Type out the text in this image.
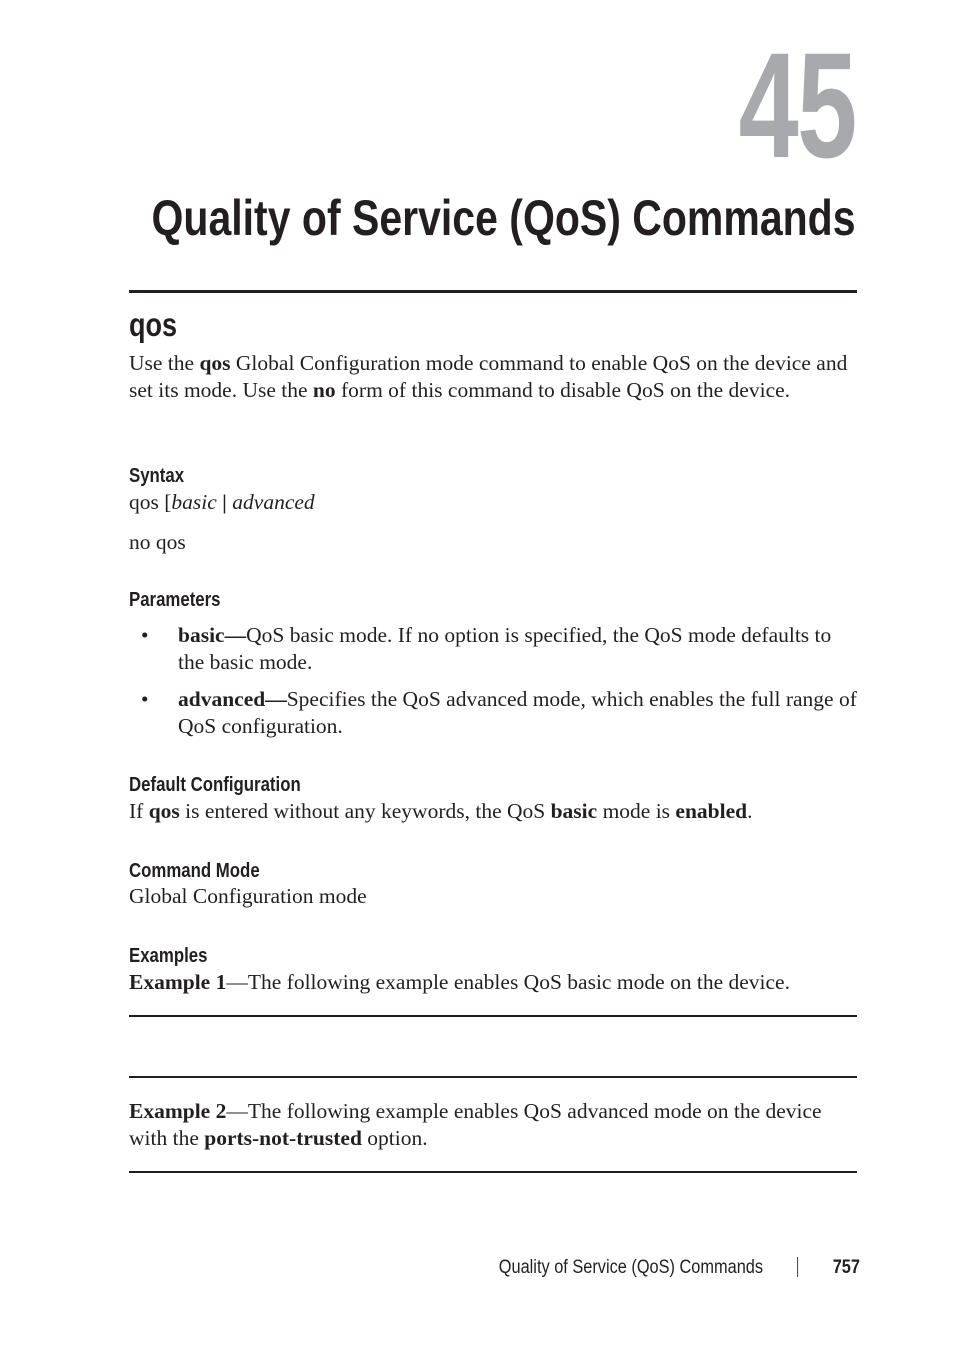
45
Quality of Service (QoS) Commands
qos

Use the qos Global Configuration mode command to enable QoS on the device and set its mode. Use the no form of this command to disable QoS on the device.

Syntax

qos [basic | advanced

no qos

Parameters
• basic—QoS basic mode. If no option is specified, the QoS mode defaults to the basic mode.
• advanced—Specifies the QoS advanced mode, which enables the full range of QoS configuration.
Default Configuration

If qos is entered without any keywords, the QoS basic mode is enabled.

Command Mode

Global Configuration mode

Examples

Example 1—The following example enables QoS basic mode on the device.

Example 2—The following example enables QoS advanced mode on the device with the ports-not-trusted option.

Quality of Service (QoS) Commands	757
